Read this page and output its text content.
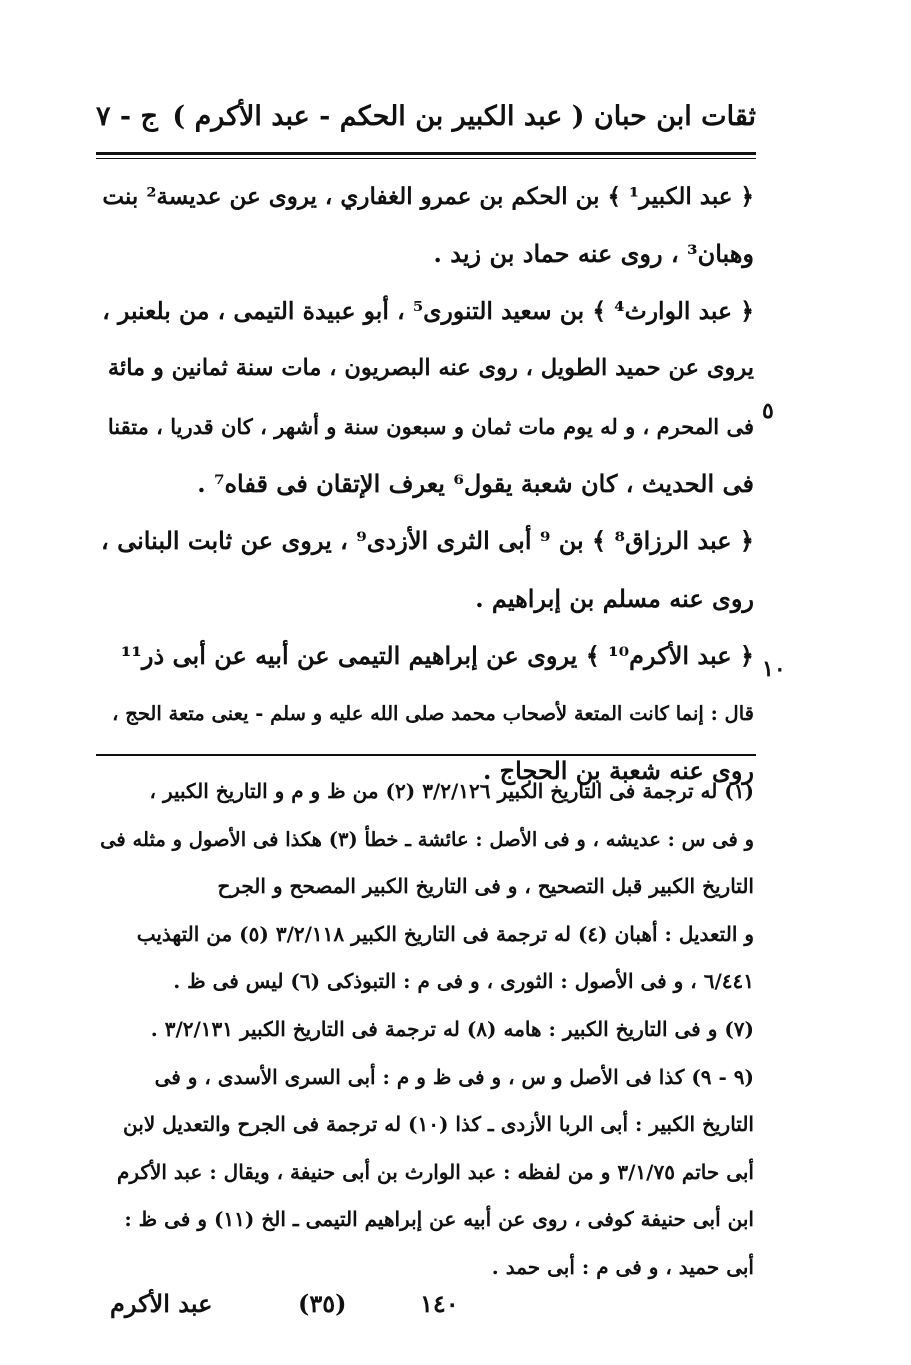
ثقات ابن حبان ( عبد الكبير بن الحكم - عبد الأكرم )
ج - ٧
﴿ عبد الكبير¹ ﴾ بن الحكم بن عمرو الغفاري ، يروى عن عديسة² بنت
وهبان³ ، روى عنه حماد بن زيد .
﴿ عبد الوارث⁴ ﴾ بن سعيد التنورى⁵ ، أبو عبيدة التيمى ، من بلعنبر ،
يروى عن حميد الطويل ، روى عنه البصريون ، مات سنة ثمانين و مائة
فى المحرم ، و له يوم مات ثمان و سبعون سنة و أشهر ، كان قدريا ، متقنا
فى الحديث ، كان شعبة يقول⁶ يعرف الإتقان فى قفاه⁷ .
﴿ عبد الرزاق⁸ ﴾ بن ⁹ أبى الثرى الأزدى⁹ ، يروى عن ثابت البنانى ،
روى عنه مسلم بن إبراهيم .
﴿ عبد الأكرم¹⁰ ﴾ يروى عن إبراهيم التيمى عن أبيه عن أبى ذر¹¹
قال : إنما كانت المتعة لأصحاب محمد صلى الله عليه و سلم - يعنى متعة الحج ،
روى عنه شعبة بن الحجاج .
٥
١٠
(١) له ترجمة فى التاريخ الكبير ٣/٢/١٢٦ (٢) من ظ و م و التاريخ الكبير ،
و فى س : عديشه ، و فى الأصل : عائشة ـ خطأ (٣) هكذا فى الأصول و مثله فى
التاريخ الكبير قبل التصحيح ، و فى التاريخ الكبير المصحح و الجرح
و التعديل : أهبان (٤) له ترجمة فى التاريخ الكبير ٣/٢/١١٨ (٥) من التهذيب
٦/٤٤١ ، و فى الأصول : الثورى ، و فى م : التبوذكى (٦) ليس فى ظ .
(٧) و فى التاريخ الكبير : هامه (٨) له ترجمة فى التاريخ الكبير ٣/٢/١٣١ .
(٩ - ٩) كذا فى الأصل و س ، و فى ظ و م : أبى السرى الأسدى ، و فى
التاريخ الكبير : أبى الربا الأزدى ـ كذا (١٠) له ترجمة فى الجرح والتعديل لابن
أبى حاتم ٣/١/٧٥ و من لفظه : عبد الوارث بن أبى حنيفة ، ويقال : عبد الأكرم
ابن أبى حنيفة كوفى ، روى عن أبيه عن إبراهيم التيمى ـ الخ (١١) و فى ظ :
أبى حميد ، و فى م : أبى حمد .
عبد الأكرم	(٣٥)	١٤٠
